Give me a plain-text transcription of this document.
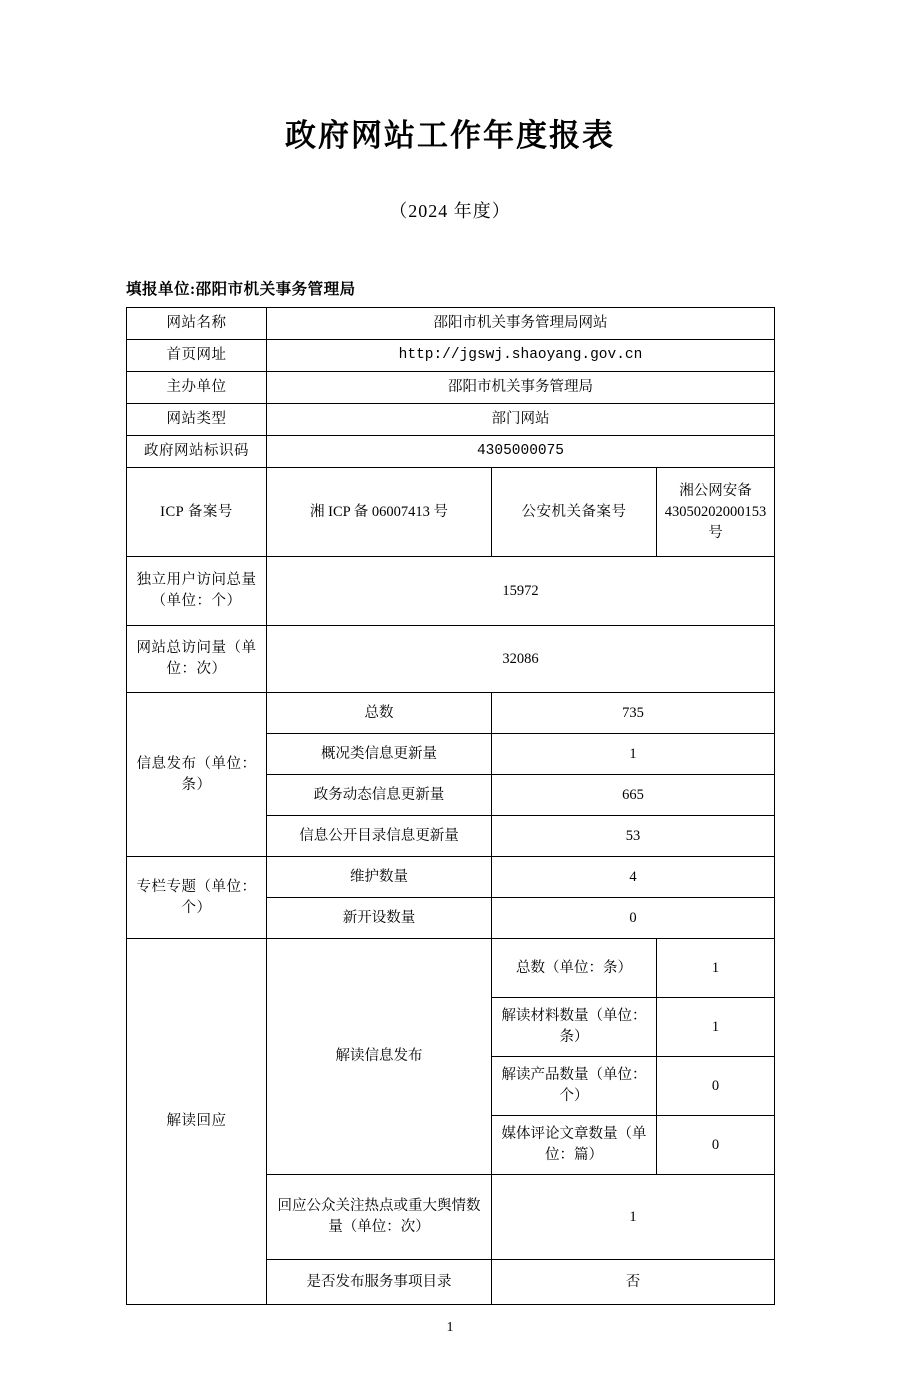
政府网站工作年度报表
（2024 年度）
填报单位:邵阳市机关事务管理局
网站名称	邵阳市机关事务管理局网站		
首页网址	http://jgswj.shaoyang.gov.cn		
主办单位	邵阳市机关事务管理局		
网站类型	部门网站		
政府网站标识码	4305000075		
ICP 备案号	湘 ICP 备 06007413 号	公安机关备案号	湘公网安备 43050202000153 号
独立用户访问总量（单位：个）	15972		
网站总访问量（单位：次）	32086		
信息发布（单位：条）	总数	735	
	概况类信息更新量	1	
	政务动态信息更新量	665	
	信息公开目录信息更新量	53	
专栏专题（单位：个）	维护数量	4	
	新开设数量	0	
解读回应	解读信息发布	总数（单位：条）	1
		解读材料数量（单位：条）	1
		解读产品数量（单位：个）	0
		媒体评论文章数量（单位：篇）	0
	回应公众关注热点或重大舆情数量（单位：次）	1	
	是否发布服务事项目录	否	
1
